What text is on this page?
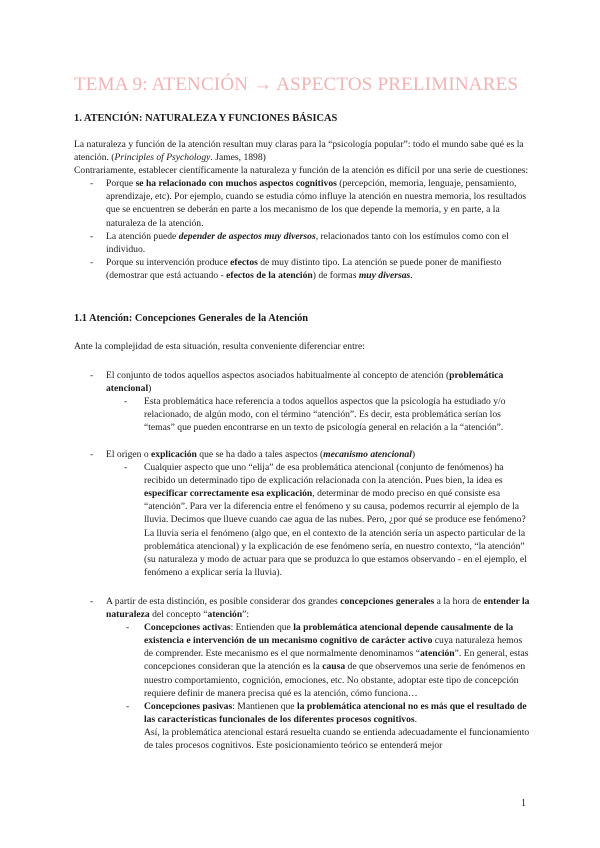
TEMA 9: ATENCIÓN → ASPECTOS PRELIMINARES
1. ATENCIÓN: NATURALEZA Y FUNCIONES BÁSICAS

La naturaleza y función de la atención resultan muy claras para la “psicología popular”: todo el mundo sabe qué es la atención. (Principles of Psychology. James, 1898)

Contrariamente, establecer científicamente la naturaleza y función de la atención es difícil por una serie de cuestiones:

- Porque se ha relacionado con muchos aspectos cognitivos (percepción, memoria, lenguaje, pensamiento, aprendizaje, etc). Por ejemplo, cuando se estudia cómo influye la atención en nuestra memoria, los resultados que se encuentren se deberán en parte a los mecanismo de los que depende la memoria, y en parte, a la naturaleza de la atención.
- La atención puede depender de aspectos muy diversos, relacionados tanto con los estímulos como con el individuo.
- Porque su intervención produce efectos de muy distinto tipo. La atención se puede poner de manifiesto (demostrar que está actuando - efectos de la atención) de formas muy diversas.
1.1 Atención: Concepciones Generales de la Atención

Ante la complejidad de esta situación, resulta conveniente diferenciar entre:

- El conjunto de todos aquellos aspectos asociados habitualmente al concepto de atención (problemática atencional)
- Esta problemática hace referencia a todos aquellos aspectos que la psicología ha estudiado y/o relacionado, de algún modo, con el término “atención”. Es decir, esta problemática serían los “temas” que pueden encontrarse en un texto de psicología general en relación a la “atención”.
- El origen o explicación que se ha dado a tales aspectos (mecanismo atencional)
- Cualquier aspecto que uno “elija” de esa problemática atencional (conjunto de fenómenos) ha recibido un determinado tipo de explicación relacionada con la atención. Pues bien, la idea es especificar correctamente esa explicación, determinar de modo preciso en qué consiste esa “atención”. Para ver la diferencia entre el fenómeno y su causa, podemos recurrir al ejemplo de la lluvia. Decimos que llueve cuando cae agua de las nubes. Pero, ¿por qué se produce ese fenómeno? La lluvia sería el fenómeno (algo que, en el contexto de la atención sería un aspecto particular de la problemática atencional) y la explicación de ese fenómeno sería, en nuestro contexto, “la atención” (su naturaleza y modo de actuar para que se produzca lo que estamos observando - en el ejemplo, el fenómeno a explicar sería la lluvia).
- A partir de esta distinción, es posible considerar dos grandes concepciones generales a la hora de entender la naturaleza del concepto “atención”:
- Concepciones activas: Entienden que la problemática atencional depende causalmente de la existencia e intervención de un mecanismo cognitivo de carácter activo cuya naturaleza hemos de comprender. Este mecanismo es el que normalmente denominamos “atención”. En general, estas concepciones consideran que la atención es la causa de que observemos una serie de fenómenos en nuestro comportamiento, cognición, emociones, etc. No obstante, adoptar este tipo de concepción requiere definir de manera precisa qué es la atención, cómo funciona…
- Concepciones pasivas: Mantienen que la problemática atencional no es más que el resultado de las características funcionales de los diferentes procesos cognitivos.
Así, la problemática atencional estará resuelta cuando se entienda adecuadamente el funcionamiento de tales procesos cognitivos. Este posicionamiento teórico se entenderá mejor
1
